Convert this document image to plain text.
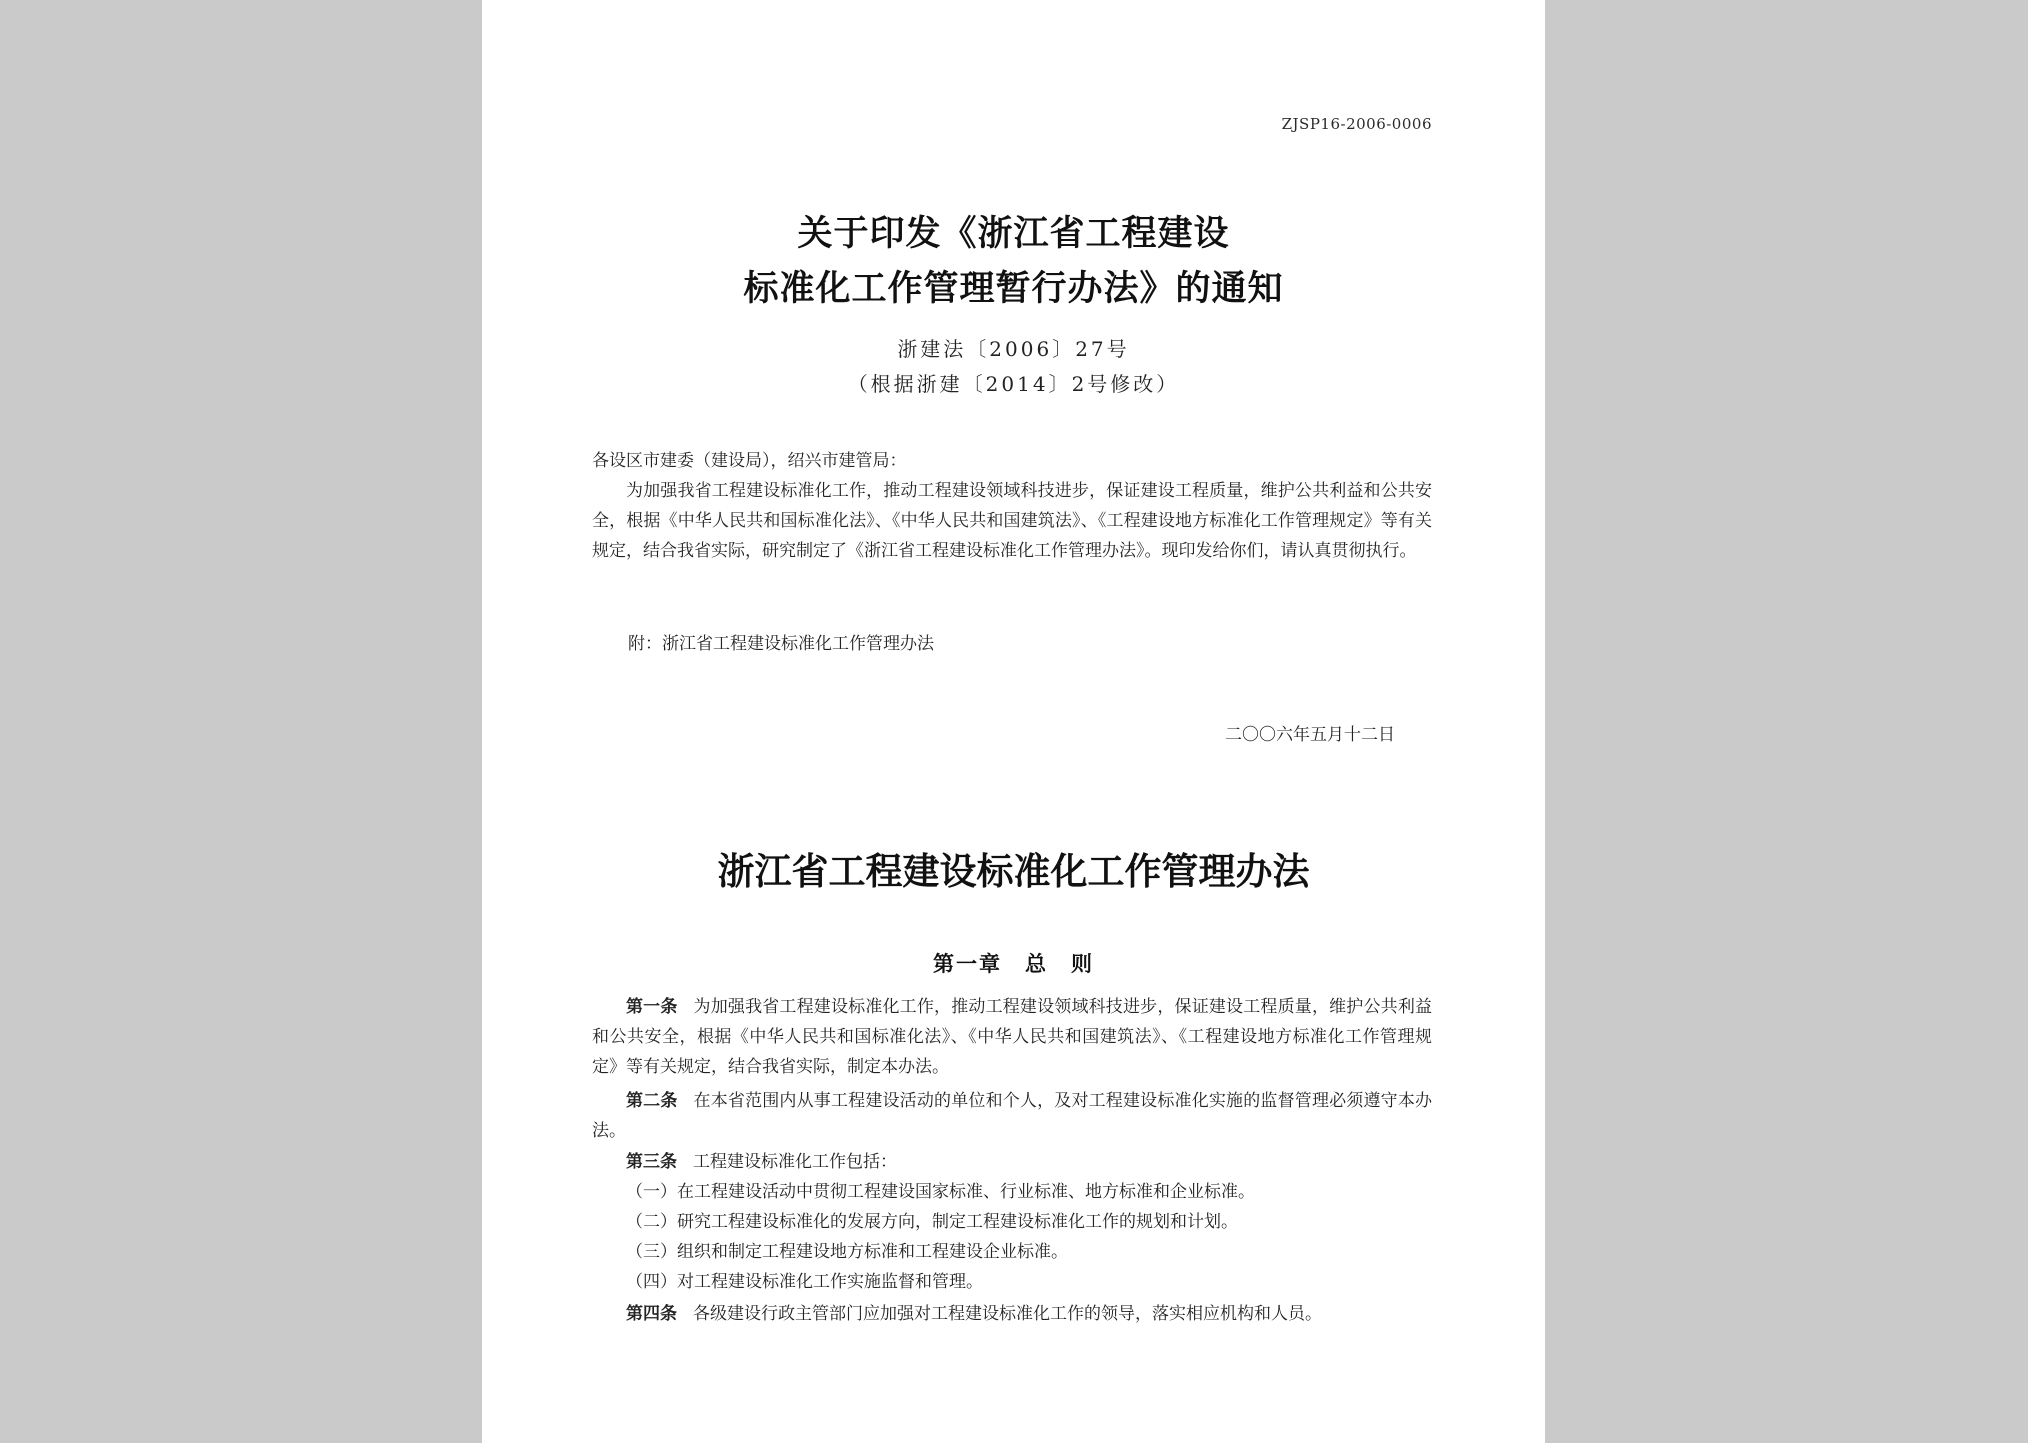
ZJSP16-2006-0006
关于印发《浙江省工程建设
标准化工作管理暂行办法》的通知
浙建法〔2006〕27号
（根据浙建〔2014〕2号修改）
各设区市建委（建设局），绍兴市建管局：
为加强我省工程建设标准化工作，推动工程建设领域科技进步，保证建设工程质量，维护公共利益和公共安全，根据《中华人民共和国标准化法》、《中华人民共和国建筑法》、《工程建设地方标准化工作管理规定》等有关规定，结合我省实际，研究制定了《浙江省工程建设标准化工作管理办法》。现印发给你们，请认真贯彻执行。
附：浙江省工程建设标准化工作管理办法
二〇〇六年五月十二日
浙江省工程建设标准化工作管理办法
第一章　总　则
第一条 为加强我省工程建设标准化工作，推动工程建设领域科技进步，保证建设工程质量，维护公共利益和公共安全，根据《中华人民共和国标准化法》、《中华人民共和国建筑法》、《工程建设地方标准化工作管理规定》等有关规定，结合我省实际，制定本办法。
第二条 在本省范围内从事工程建设活动的单位和个人，及对工程建设标准化实施的监督管理必须遵守本办法。
第三条 工程建设标准化工作包括：
（一）在工程建设活动中贯彻工程建设国家标准、行业标准、地方标准和企业标准。
（二）研究工程建设标准化的发展方向，制定工程建设标准化工作的规划和计划。
（三）组织和制定工程建设地方标准和工程建设企业标准。
（四）对工程建设标准化工作实施监督和管理。
第四条 各级建设行政主管部门应加强对工程建设标准化工作的领导，落实相应机构和人员。
